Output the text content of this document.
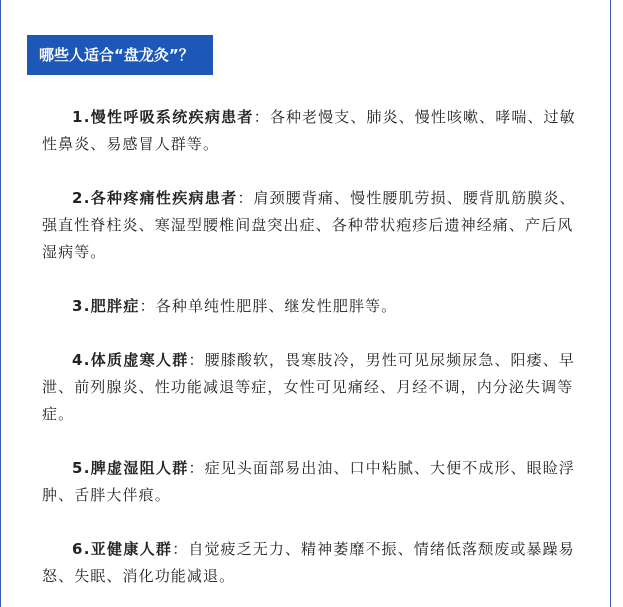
哪些人适合“盘龙灸”？

1.慢性呼吸系统疾病患者：各种老慢支、肺炎、慢性咳嗽、哮喘、过敏性鼻炎、易感冒人群等。

2.各种疼痛性疾病患者：肩颈腰背痛、慢性腰肌劳损、腰背肌筋膜炎、强直性脊柱炎、寒湿型腰椎间盘突出症、各种带状疱疹后遗神经痛、产后风湿病等。

3.肥胖症：各种单纯性肥胖、继发性肥胖等。

4.体质虚寒人群：腰膝酸软，畏寒肢冷，男性可见尿频尿急、阳痿、早泄、前列腺炎、性功能减退等症，女性可见痛经、月经不调，内分泌失调等症。

5.脾虚湿阻人群：症见头面部易出油、口中粘腻、大便不成形、眼睑浮肿、舌胖大伴痕。

6.亚健康人群：自觉疲乏无力、精神萎靡不振、情绪低落颓废或暴躁易怒、失眠、消化功能减退。
